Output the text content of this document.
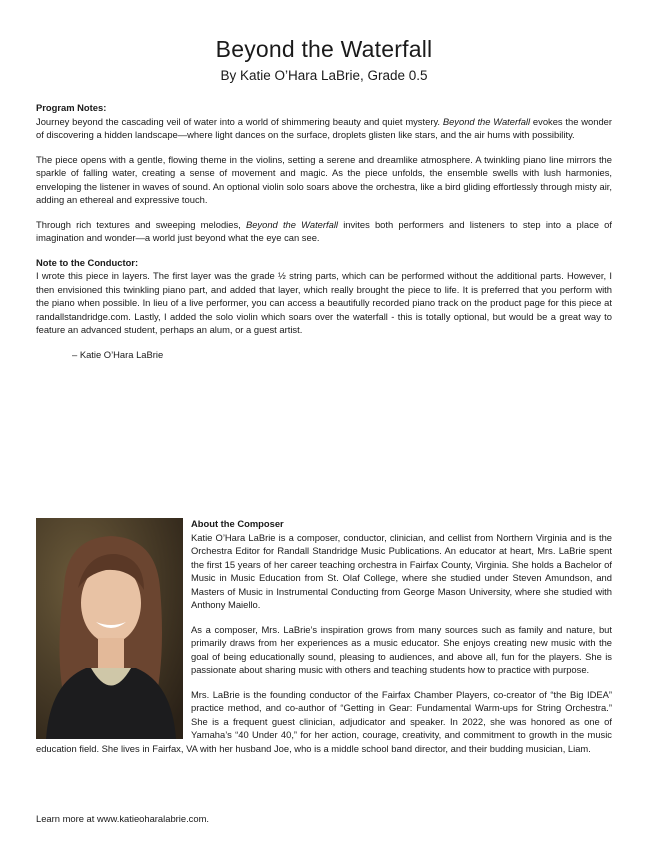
Beyond the Waterfall
By Katie O’Hara LaBrie, Grade 0.5

Program Notes:
Journey beyond the cascading veil of water into a world of shimmering beauty and quiet mystery. Beyond the Waterfall evokes the wonder of discovering a hidden landscape—where light dances on the surface, droplets glisten like stars, and the air hums with possibility.

The piece opens with a gentle, flowing theme in the violins, setting a serene and dreamlike atmosphere. A twinkling piano line mirrors the sparkle of falling water, creating a sense of movement and magic. As the piece unfolds, the ensemble swells with lush harmonies, enveloping the listener in waves of sound. An optional violin solo soars above the orchestra, like a bird gliding effortlessly through misty air, adding an ethereal and expressive touch.

Through rich textures and sweeping melodies, Beyond the Waterfall invites both performers and listeners to step into a place of imagination and wonder—a world just beyond what the eye can see.

Note to the Conductor:
I wrote this piece in layers. The first layer was the grade ½ string parts, which can be performed without the additional parts. However, I then envisioned this twinkling piano part, and added that layer, which really brought the piece to life. It is preferred that you perform with the piano when possible. In lieu of a live performer, you can access a beautifully recorded piano track on the product page for this piece at randallstandridge.com. Lastly, I added the solo violin which soars over the waterfall - this is totally optional, but would be a great way to feature an advanced student, perhaps an alum, or a guest artist.

– Katie O’Hara LaBrie

About the Composer
Katie O’Hara LaBrie is a composer, conductor, clinician, and cellist from Northern Virginia and is the Orchestra Editor for Randall Standridge Music Publications. An educator at heart, Mrs. LaBrie spent the first 15 years of her career teaching orchestra in Fairfax County, Virginia. She holds a Bachelor of Music in Music Education from St. Olaf College, where she studied under Steven Amundson, and Masters of Music in Instrumental Conducting from George Mason University, where she studied with Anthony Maiello.

As a composer, Mrs. LaBrie’s inspiration grows from many sources such as family and nature, but primarily draws from her experiences as a music educator. She enjoys creating new music with the goal of being educationally sound, pleasing to audiences, and above all, fun for the players. She is passionate about sharing music with others and teaching students how to practice with purpose.

Mrs. LaBrie is the founding conductor of the Fairfax Chamber Players, co-creator of “the Big IDEA” practice method, and co-author of “Getting in Gear: Fundamental Warm-ups for String Orchestra.” She is a frequent guest clinician, adjudicator and speaker. In 2022, she was honored as one of Yamaha’s “40 Under 40,” for her action, courage, creativity, and commitment to growth in the music education field. She lives in Fairfax, VA with her husband Joe, who is a middle school band director, and their budding musician, Liam.

Learn more at www.katieoharalabrie.com.
